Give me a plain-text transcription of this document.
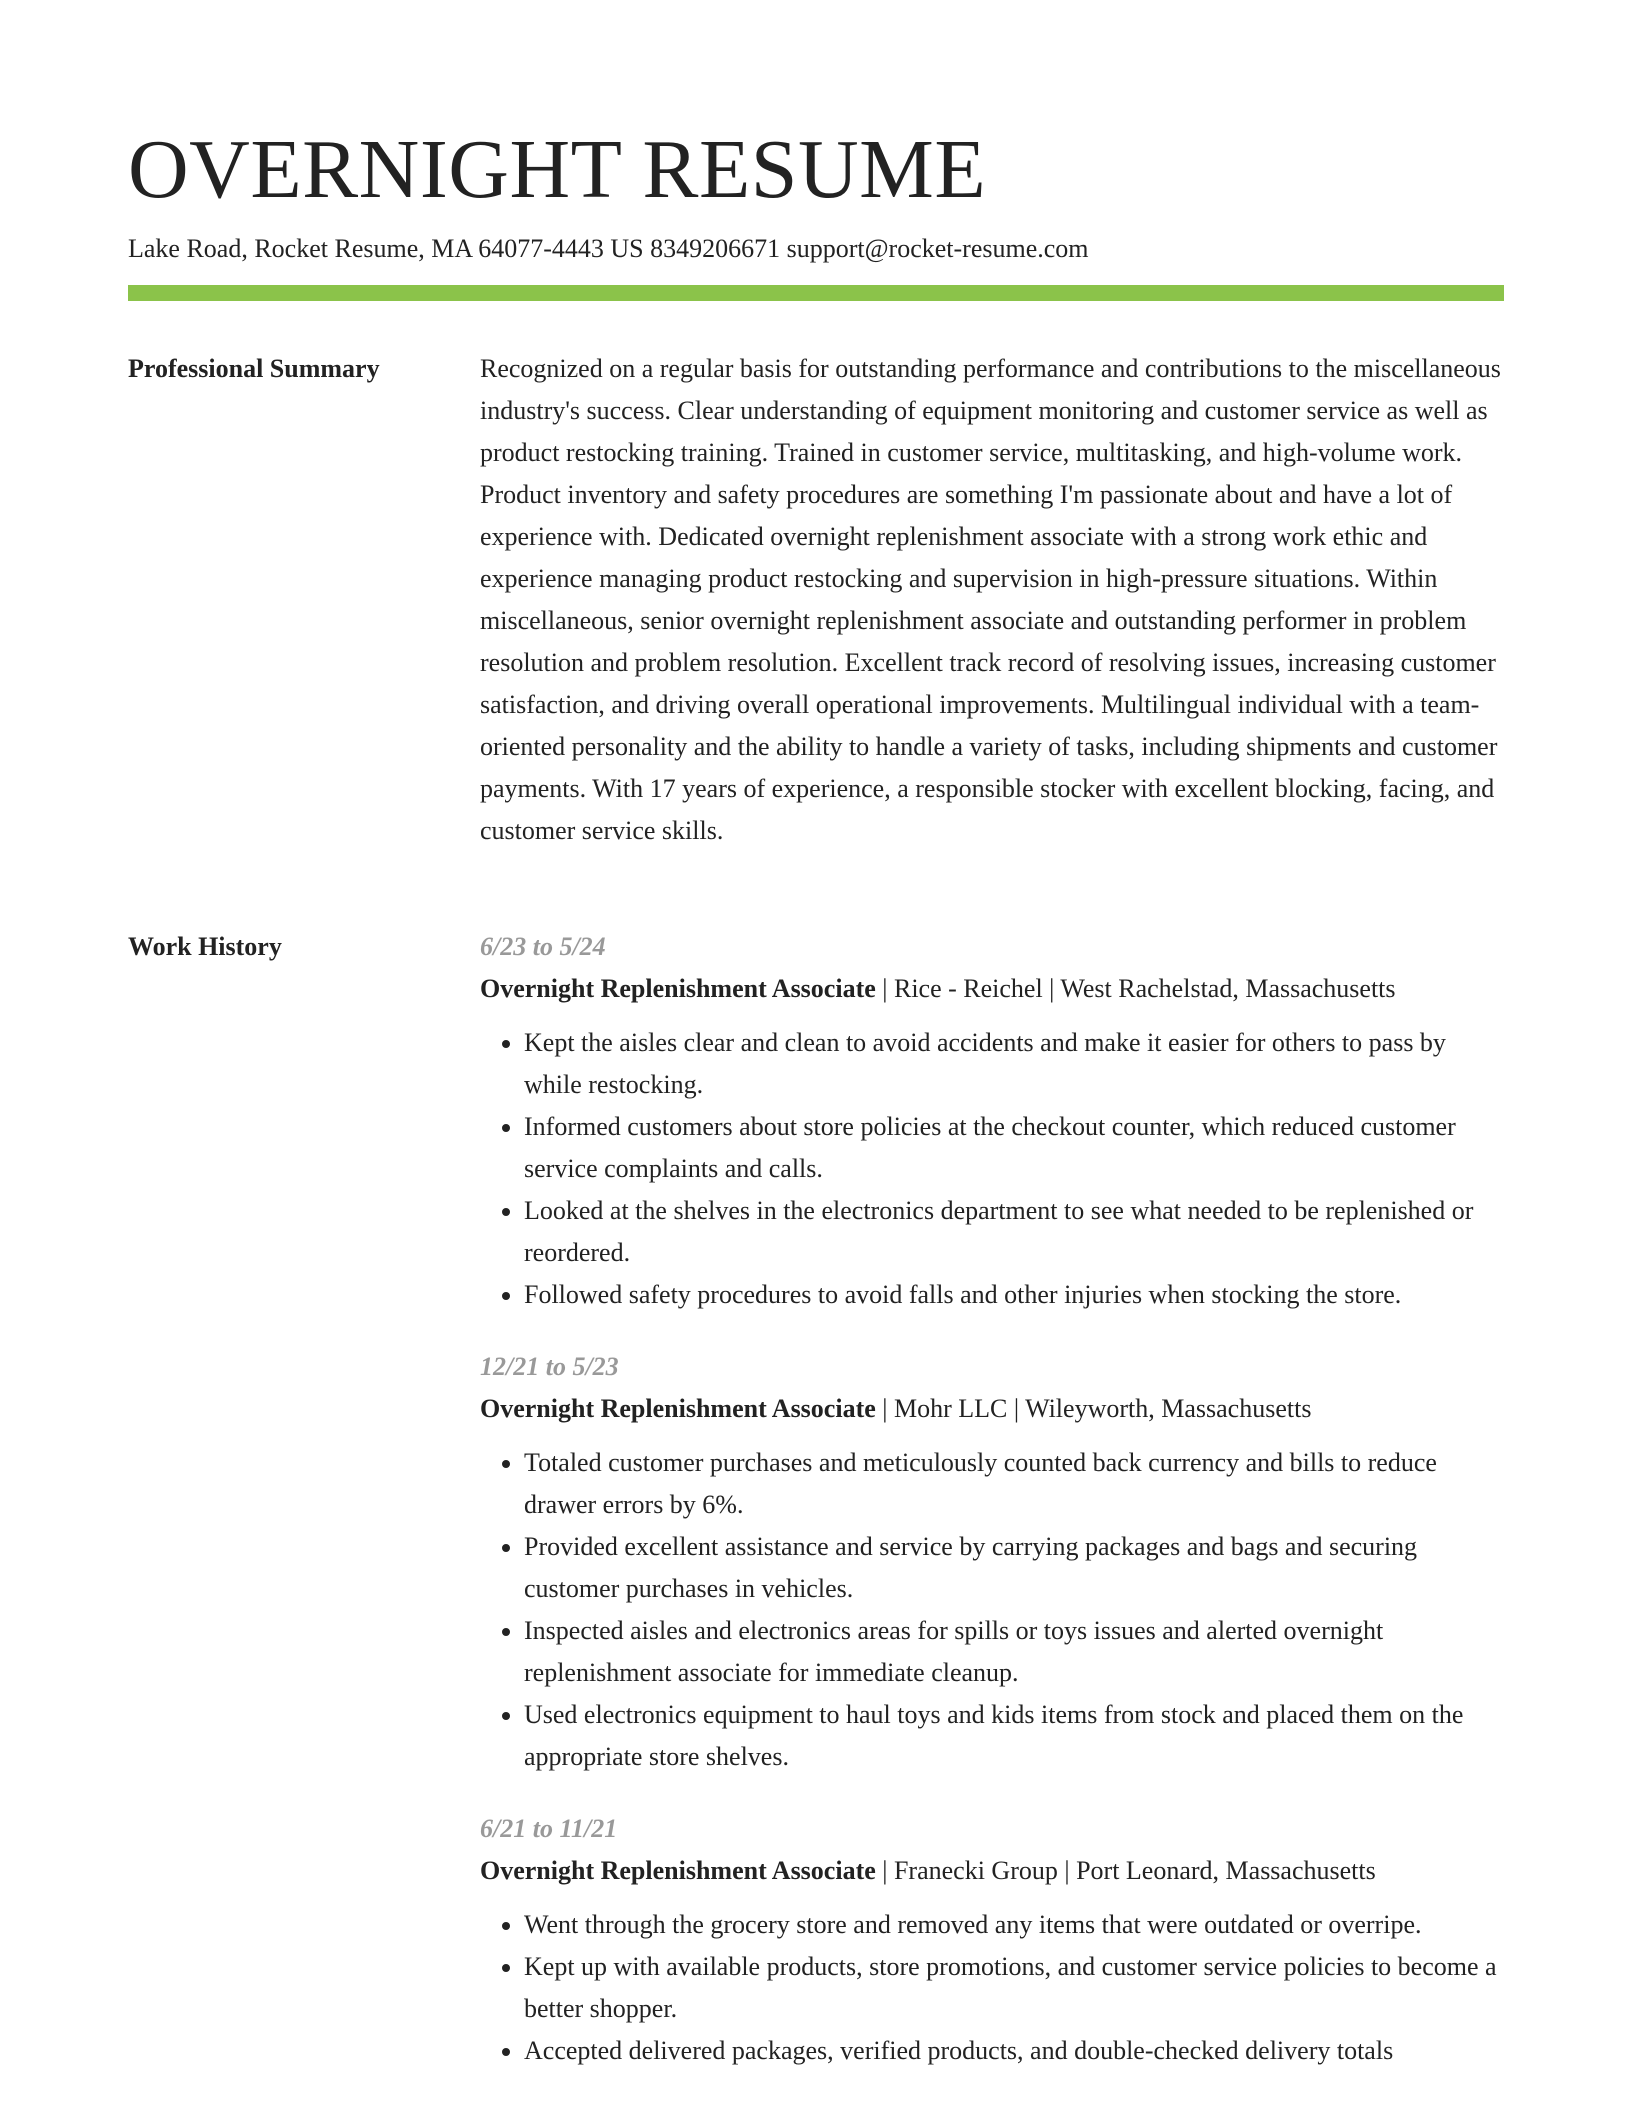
OVERNIGHT RESUME
Lake Road, Rocket Resume, MA 64077-4443 US 8349206671 support@rocket-resume.com
Professional Summary	Recognized on a regular basis for outstanding performance and contributions to the miscellaneous industry's success. Clear understanding of equipment monitoring and customer service as well as product restocking training. Trained in customer service, multitasking, and high-volume work. Product inventory and safety procedures are something I'm passionate about and have a lot of experience with. Dedicated overnight replenishment associate with a strong work ethic and experience managing product restocking and supervision in high-pressure situations. Within miscellaneous, senior overnight replenishment associate and outstanding performer in problem resolution and problem resolution. Excellent track record of resolving issues, increasing customer satisfaction, and driving overall operational improvements. Multilingual individual with a team-oriented personality and the ability to handle a variety of tasks, including shipments and customer payments. With 17 years of experience, a responsible stocker with excellent blocking, facing, and customer service skills.

Work History	6/23 to 5/24
Overnight Replenishment Associate | Rice - Reichel | West Rachelstad, Massachusetts
• Kept the aisles clear and clean to avoid accidents and make it easier for others to pass by while restocking.
• Informed customers about store policies at the checkout counter, which reduced customer service complaints and calls.
• Looked at the shelves in the electronics department to see what needed to be replenished or reordered.
• Followed safety procedures to avoid falls and other injuries when stocking the store.
12/21 to 5/23
Overnight Replenishment Associate | Mohr LLC | Wileyworth, Massachusetts
• Totaled customer purchases and meticulously counted back currency and bills to reduce drawer errors by 6%.
• Provided excellent assistance and service by carrying packages and bags and securing customer purchases in vehicles.
• Inspected aisles and electronics areas for spills or toys issues and alerted overnight replenishment associate for immediate cleanup.
• Used electronics equipment to haul toys and kids items from stock and placed them on the appropriate store shelves.
6/21 to 11/21
Overnight Replenishment Associate | Franecki Group | Port Leonard, Massachusetts
• Went through the grocery store and removed any items that were outdated or overripe.
• Kept up with available products, store promotions, and customer service policies to become a better shopper.
• Accepted delivered packages, verified products, and double-checked delivery totals
